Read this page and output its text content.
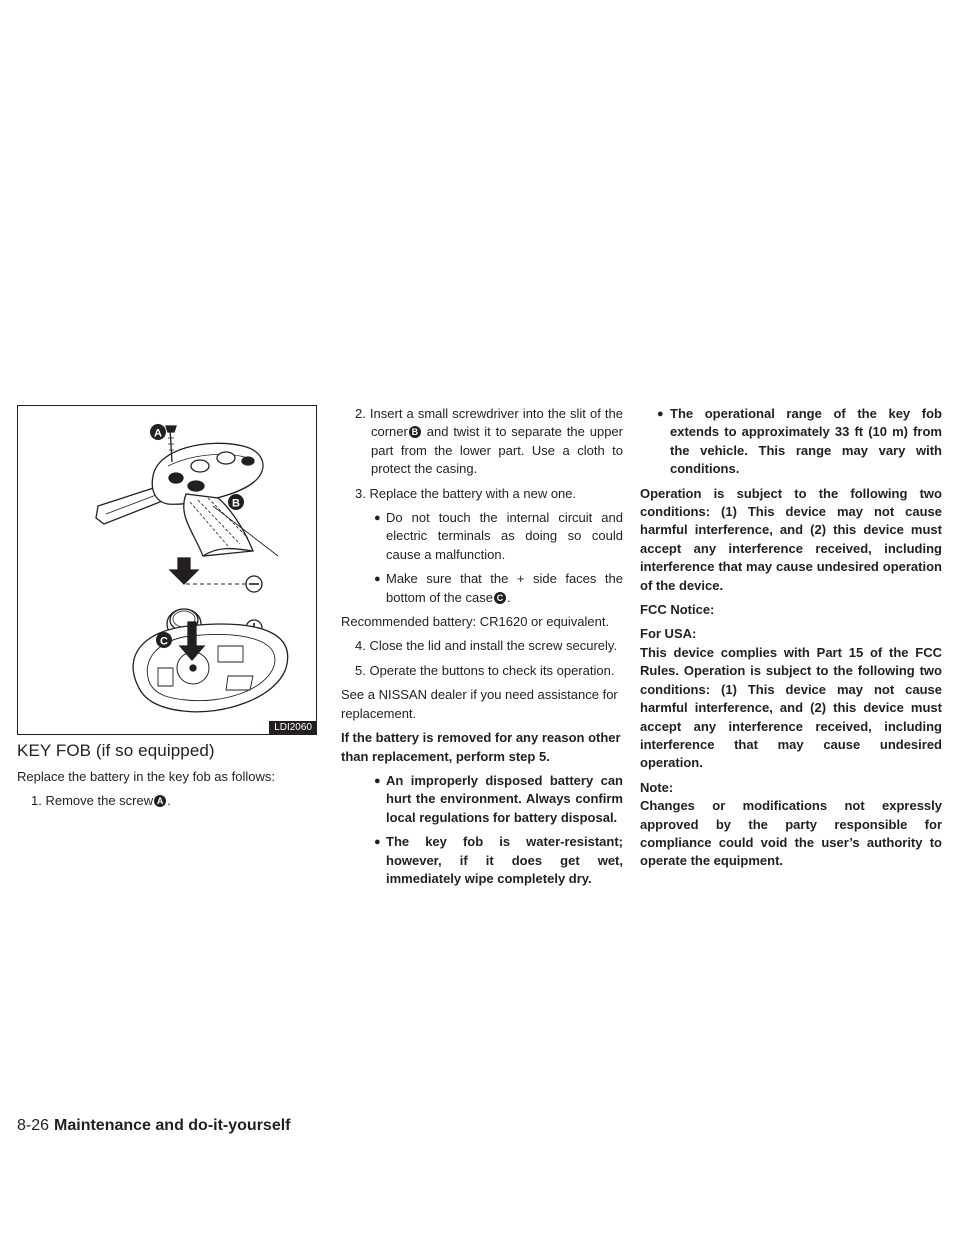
A
B
C
LDI2060
KEY FOB (if so equipped)

Replace the battery in the key fob as follows:

1. Remove the screw A .

2. Insert a small screwdriver into the slit of the corner B and twist it to separate the upper part from the lower part. Use a cloth to protect the casing.

3. Replace the battery with a new one.

● Do not touch the internal circuit and electric terminals as doing so could cause a malfunction.

● Make sure that the + side faces the bottom of the case C .

Recommended battery: CR1620 or equivalent.

4. Close the lid and install the screw securely.

5. Operate the buttons to check its operation.

See a NISSAN dealer if you need assistance for replacement.

If the battery is removed for any reason other than replacement, perform step 5.

● An improperly disposed battery can hurt the environment. Always confirm local regulations for battery disposal.

● The key fob is water-resistant; however, if it does get wet, immediately wipe completely dry.

● The operational range of the key fob extends to approximately 33 ft (10 m) from the vehicle. This range may vary with conditions.

Operation is subject to the following two conditions: (1) This device may not cause harmful interference, and (2) this device must accept any interference received, including interference that may cause undesired operation of the device.

FCC Notice:

For USA:

This device complies with Part 15 of the FCC Rules. Operation is subject to the following two conditions: (1) This device may not cause harmful interference, and (2) this device must accept any interference received, including interference that may cause undesired operation.

Note:

Changes or modifications not expressly approved by the party responsible for compliance could void the user’s authority to operate the equipment.

8-26 Maintenance and do-it-yourself
